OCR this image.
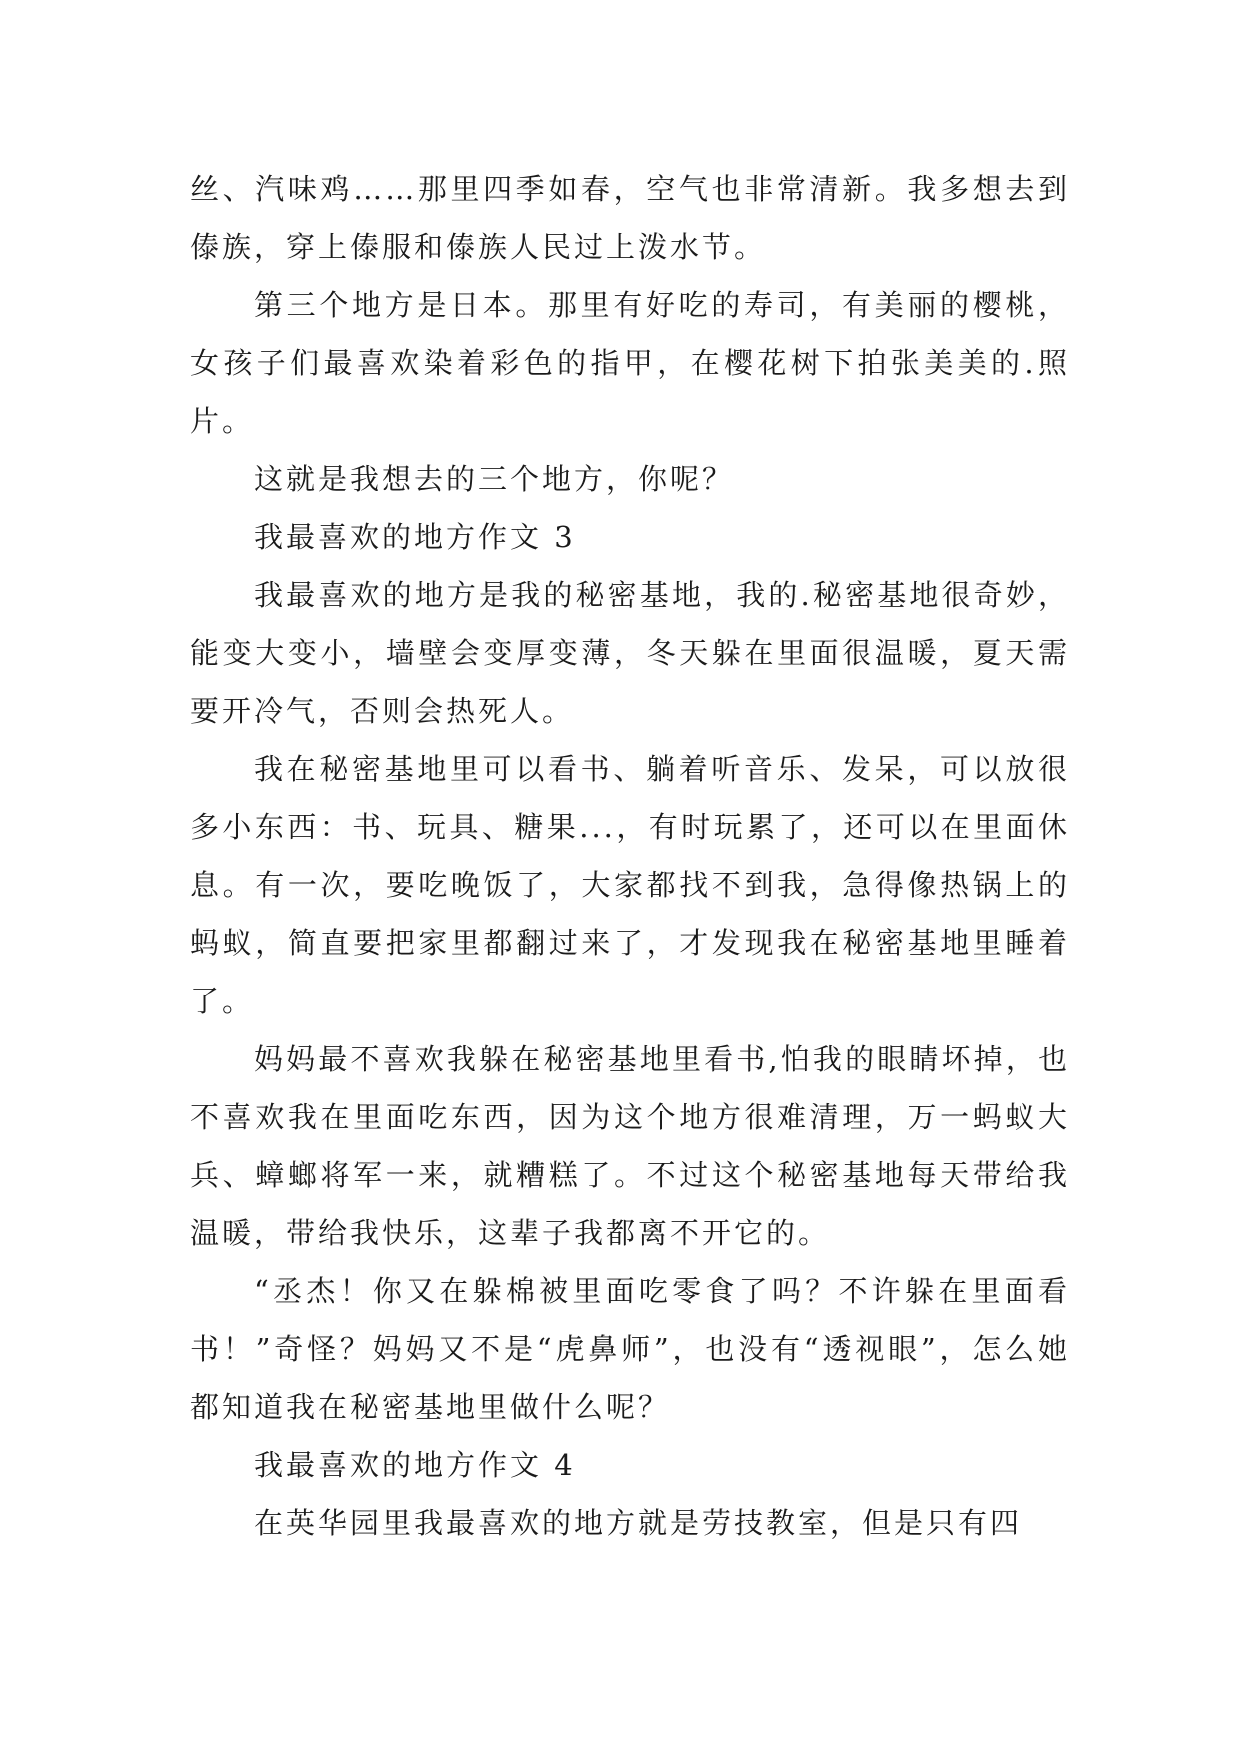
丝、汽味鸡……那里四季如春，空气也非常清新。我多想去到傣族，穿上傣服和傣族人民过上泼水节。

第三个地方是日本。那里有好吃的寿司，有美丽的樱桃，女孩子们最喜欢染着彩色的指甲，在樱花树下拍张美美的.照片。

这就是我想去的三个地方，你呢？

我最喜欢的地方作文 3

我最喜欢的地方是我的秘密基地，我的.秘密基地很奇妙，能变大变小，墙壁会变厚变薄，冬天躲在里面很温暖，夏天需要开冷气，否则会热死人。

我在秘密基地里可以看书、躺着听音乐、发呆，可以放很多小东西：书、玩具、糖果...，有时玩累了，还可以在里面休息。有一次，要吃晚饭了，大家都找不到我，急得像热锅上的蚂蚁，简直要把家里都翻过来了，才发现我在秘密基地里睡着了。

妈妈最不喜欢我躲在秘密基地里看书,怕我的眼睛坏掉，也不喜欢我在里面吃东西，因为这个地方很难清理，万一蚂蚁大兵、蟑螂将军一来，就糟糕了。不过这个秘密基地每天带给我温暖，带给我快乐，这辈子我都离不开它的。

“丞杰！你又在躲棉被里面吃零食了吗？不许躲在里面看书！”奇怪？妈妈又不是“虎鼻师”，也没有“透视眼”，怎么她都知道我在秘密基地里做什么呢？

我最喜欢的地方作文 4

在英华园里我最喜欢的地方就是劳技教室，但是只有四
